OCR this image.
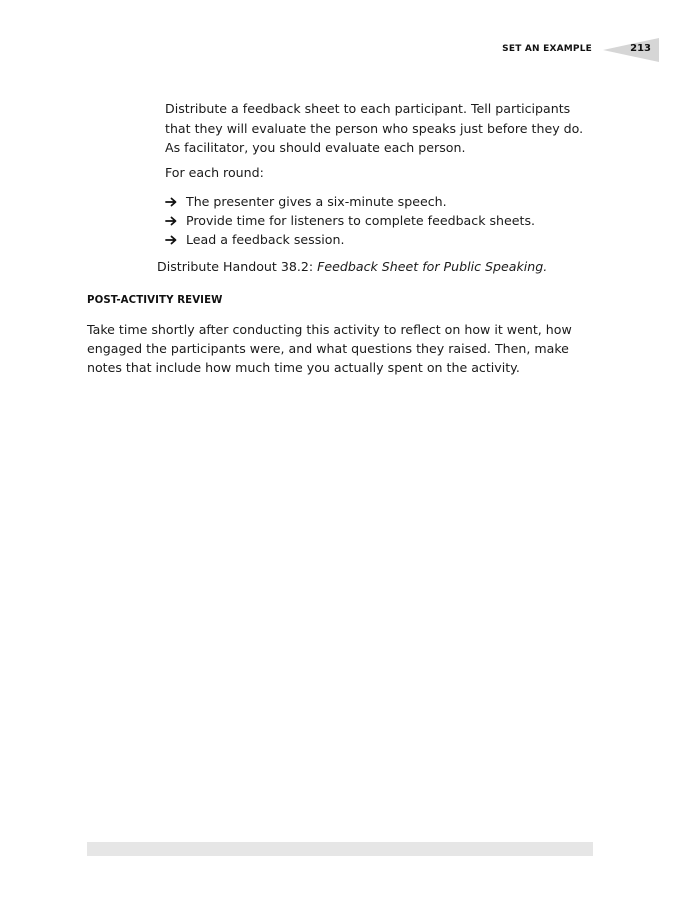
SET AN EXAMPLE	213

Distribute a feedback sheet to each participant. Tell participants

that they will evaluate the person who speaks just before they do.

As facilitator, you should evaluate each person.

For each round:

The presenter gives a six-minute speech.
Provide time for listeners to complete feedback sheets.
Lead a feedback session.
Distribute Handout 38.2: Feedback Sheet for Public Speaking.
POST-ACTIVITY REVIEW

Take time shortly after conducting this activity to reflect on how it went, how engaged the participants were, and what questions they raised. Then, make notes that include how much time you actually spent on the activity.
